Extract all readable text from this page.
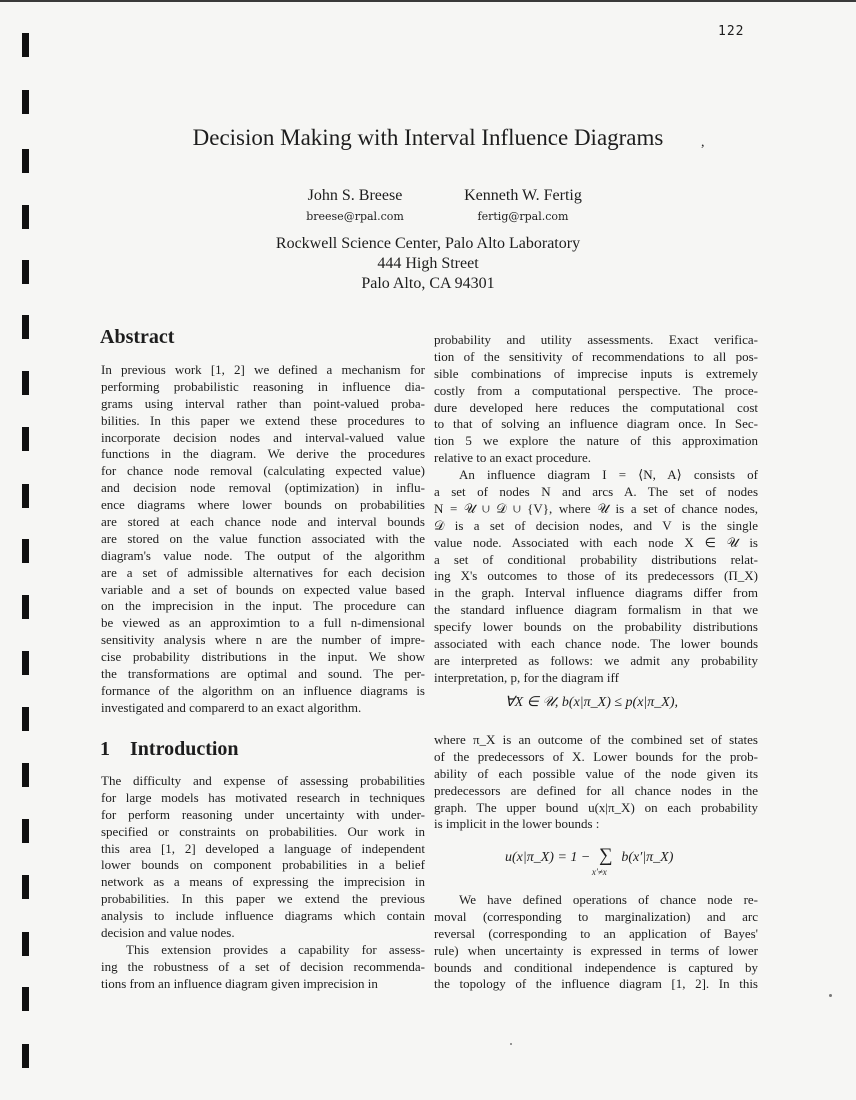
122
Decision Making with Interval Influence Diagrams	,
John S. Breese
breese@rpal.com
Kenneth W. Fertig
fertig@rpal.com
Rockwell Science Center, Palo Alto Laboratory
444 High Street
Palo Alto, CA 94301
Abstract
In previous work [1, 2] we defined a mechanism for
performing probabilistic reasoning in influence dia-
grams using interval rather than point-valued proba-
bilities. In this paper we extend these procedures to
incorporate decision nodes and interval-valued value
functions in the diagram. We derive the procedures
for chance node removal (calculating expected value)
and decision node removal (optimization) in influ-
ence diagrams where lower bounds on probabilities
are stored at each chance node and interval bounds
are stored on the value function associated with the
diagram's value node. The output of the algorithm
are a set of admissible alternatives for each decision
variable and a set of bounds on expected value based
on the imprecision in the input. The procedure can
be viewed as an approximtion to a full n-dimensional
sensitivity analysis where n are the number of impre-
cise probability distributions in the input. We show
the transformations are optimal and sound. The per-
formance of the algorithm on an influence diagrams is
investigated and comparerd to an exact algorithm.
1 Introduction
The difficulty and expense of assessing probabilities
for large models has motivated research in techniques
for perform reasoning under uncertainty with under-
specified or constraints on probabilities. Our work in
this area [1, 2] developed a language of independent
lower bounds on component probabilities in a belief
network as a means of expressing the imprecision in
probabilities. In this paper we extend the previous
analysis to include influence diagrams which contain
decision and value nodes.
This extension provides a capability for assess-
ing the robustness of a set of decision recommenda-
tions from an influence diagram given imprecision in
probability and utility assessments. Exact verifica-
tion of the sensitivity of recommendations to all pos-
sible combinations of imprecise inputs is extremely
costly from a computational perspective. The proce-
dure developed here reduces the computational cost
to that of solving an influence diagram once. In Sec-
tion 5 we explore the nature of this approximation
relative to an exact procedure.
An influence diagram I = ⟨N, A⟩ consists of
a set of nodes N and arcs A. The set of nodes
N = 𝒰 ∪ 𝒟 ∪ {V}, where 𝒰 is a set of chance nodes,
𝒟 is a set of decision nodes, and V is the single
value node. Associated with each node X ∈ 𝒰 is
a set of conditional probability distributions relat-
ing X's outcomes to those of its predecessors (Π_X)
in the graph. Interval influence diagrams differ from
the standard influence diagram formalism in that we
specify lower bounds on the probability distributions
associated with each chance node. The lower bounds
are interpreted as follows: we admit any probability
interpretation, p, for the diagram iff
∀X ∈ 𝒰, b(x|π_X) ≤ p(x|π_X),
where π_X is an outcome of the combined set of states
of the predecessors of X. Lower bounds for the prob-
ability of each possible value of the node given its
predecessors are defined for all chance nodes in the
graph. The upper bound u(x|π_X) on each probability
is implicit in the lower bounds :
u(x|π_X) = 1 − ∑
x′≠x
b(x′|π_X)
We have defined operations of chance node re-
moval (corresponding to marginalization) and arc
reversal (corresponding to an application of Bayes'
rule) when uncertainty is expressed in terms of lower
bounds and conditional independence is captured by
the topology of the influence diagram [1, 2]. In this
